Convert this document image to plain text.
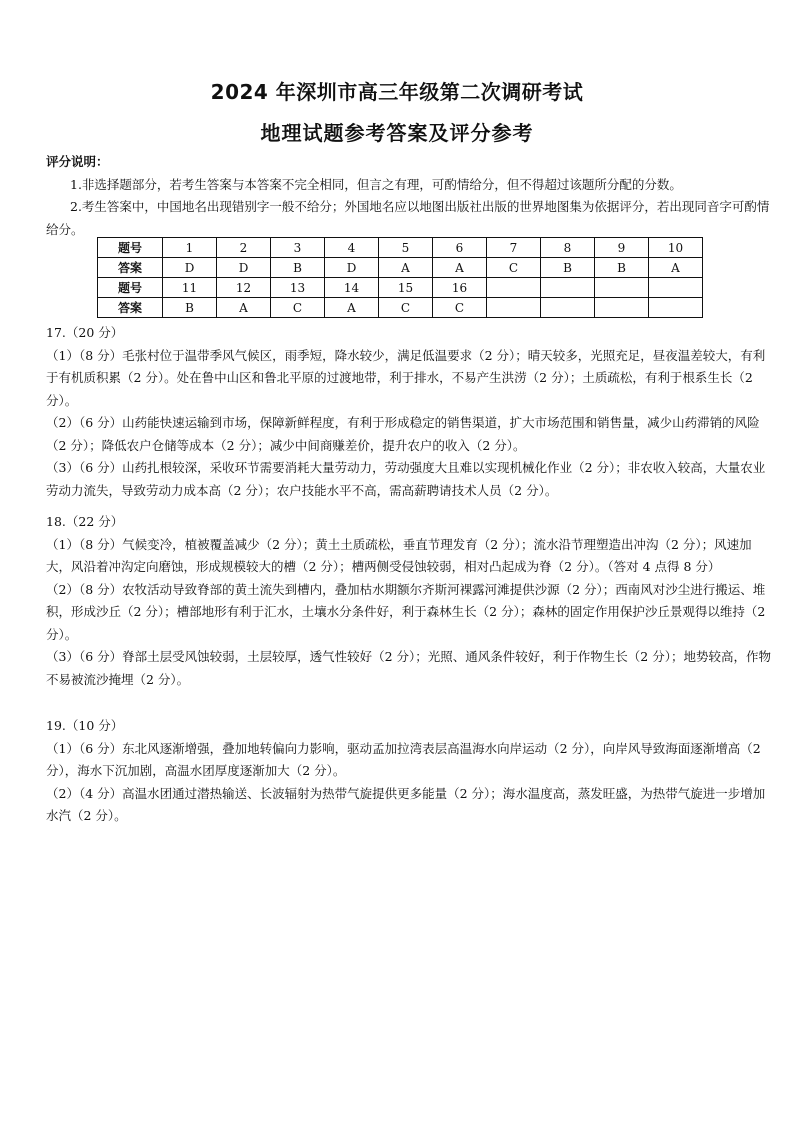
2024 年深圳市高三年级第二次调研考试
地理试题参考答案及评分参考

评分说明：

1.非选择题部分，若考生答案与本答案不完全相同，但言之有理，可酌情给分，但不得超过该题所分配的分数。

2.考生答案中，中国地名出现错别字一般不给分；外国地名应以地图出版社出版的世界地图集为依据评分，若出现同音字可酌情给分。

题号	1	2	3	4	5	6	7	8	9	10
答案	D	D	B	D	A	A	C	B	B	A
题号	11	12	13	14	15	16				
答案	B	A	C	A	C	C				

17.（20 分）

（1）（8 分）毛张村位于温带季风气候区，雨季短，降水较少，满足低温要求（2 分）；晴天较多，光照充足，昼夜温差较大，有利于有机质积累（2 分）。处在鲁中山区和鲁北平原的过渡地带，利于排水，不易产生洪涝（2 分）；土质疏松，有利于根系生长（2 分）。

（2）（6 分）山药能快速运输到市场，保障新鲜程度，有利于形成稳定的销售渠道，扩大市场范围和销售量，减少山药滞销的风险（2 分）；降低农户仓储等成本（2 分）；减少中间商赚差价，提升农户的收入（2 分）。

（3）（6 分）山药扎根较深，采收环节需要消耗大量劳动力，劳动强度大且难以实现机械化作业（2 分）；非农收入较高，大量农业劳动力流失，导致劳动力成本高（2 分）；农户技能水平不高，需高薪聘请技术人员（2 分）。

18.（22 分）

（1）（8 分）气候变冷，植被覆盖减少（2 分）；黄土土质疏松，垂直节理发育（2 分）；流水沿节理塑造出冲沟（2 分）；风速加大，风沿着冲沟定向磨蚀，形成规模较大的槽（2 分）；槽两侧受侵蚀较弱，相对凸起成为脊（2 分）。（答对 4 点得 8 分）

（2）（8 分）农牧活动导致脊部的黄土流失到槽内，叠加枯水期额尔齐斯河裸露河滩提供沙源（2 分）；西南风对沙尘进行搬运、堆积，形成沙丘（2 分）；槽部地形有利于汇水，土壤水分条件好，利于森林生长（2 分）；森林的固定作用保护沙丘景观得以维持（2 分）。

（3）（6 分）脊部土层受风蚀较弱，土层较厚，透气性较好（2 分）；光照、通风条件较好，利于作物生长（2 分）；地势较高，作物不易被流沙掩埋（2 分）。

19.（10 分）

（1）（6 分）东北风逐渐增强，叠加地转偏向力影响，驱动孟加拉湾表层高温海水向岸运动（2 分），向岸风导致海面逐渐增高（2 分），海水下沉加剧，高温水团厚度逐渐加大（2 分）。

（2）（4 分）高温水团通过潜热输送、长波辐射为热带气旋提供更多能量（2 分）；海水温度高，蒸发旺盛，为热带气旋进一步增加水汽（2 分）。
